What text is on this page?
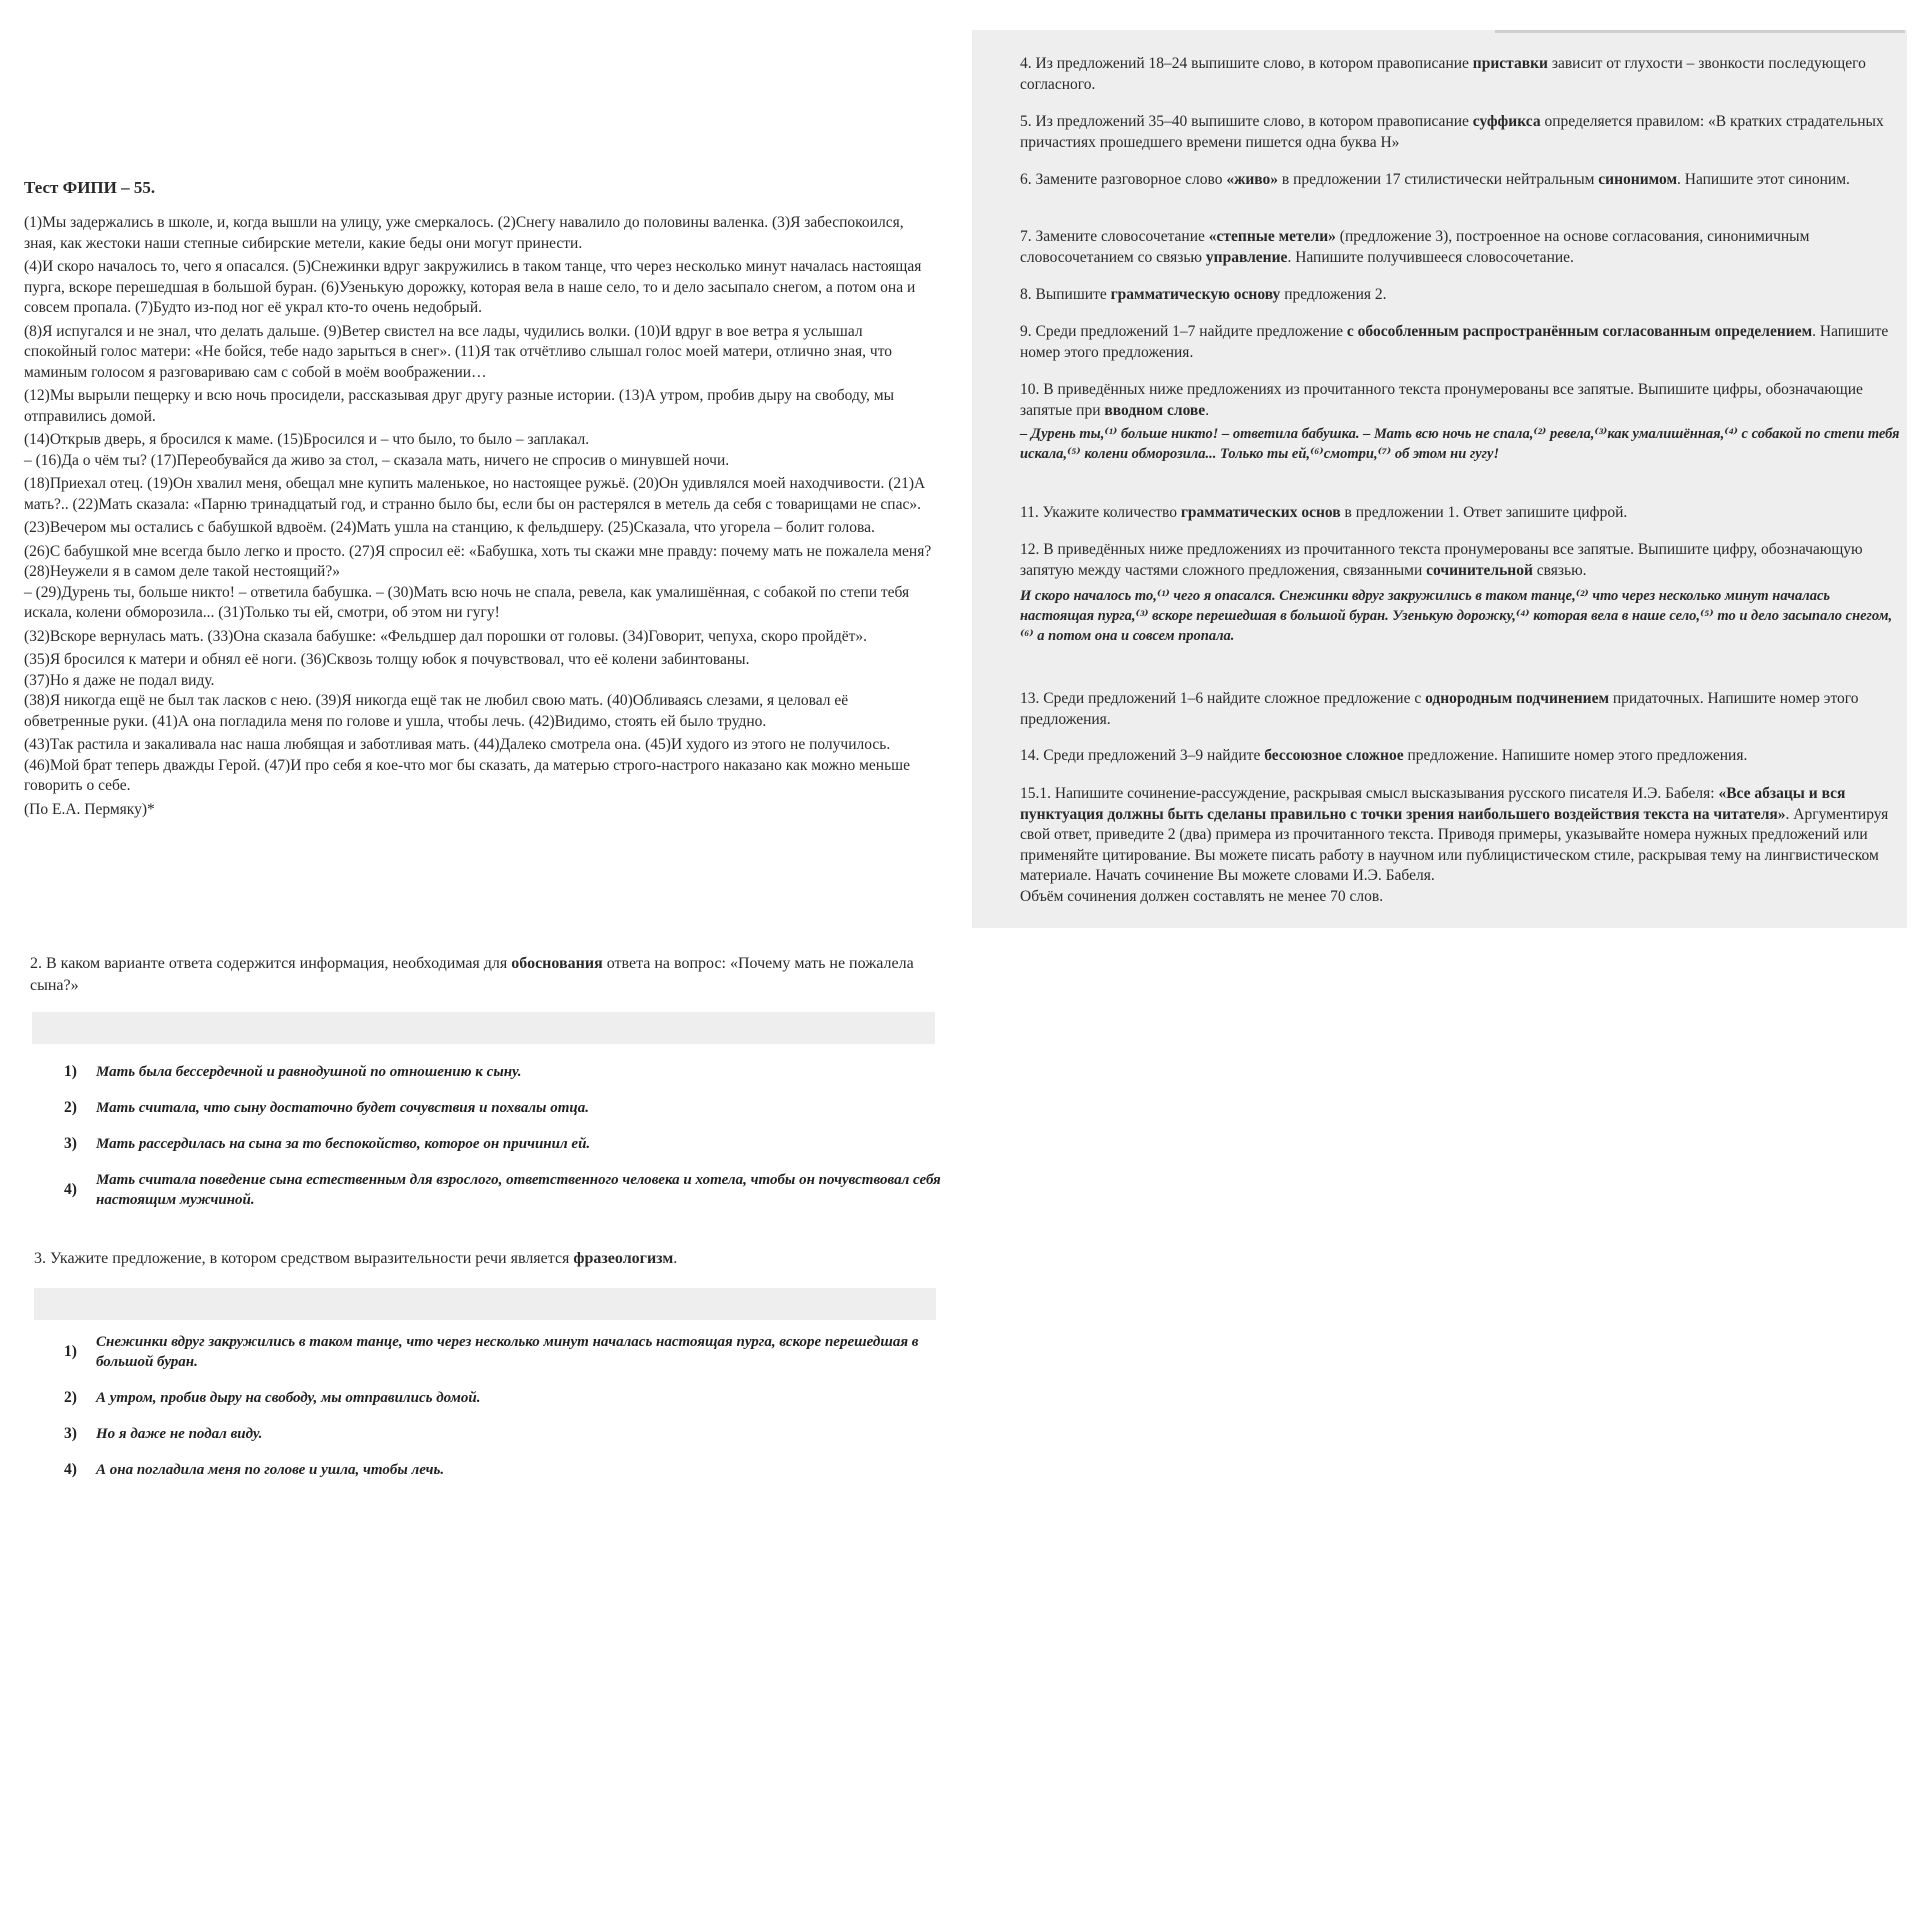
Тест ФИПИ – 55.

(1)Мы задержались в школе, и, когда вышли на улицу, уже смеркалось. (2)Снегу навалило до половины валенка. (3)Я забеспокоился, зная, как жестоки наши степные сибирские метели, какие беды они могут принести.

(4)И скоро началось то, чего я опасался. (5)Снежинки вдруг закружились в таком танце, что через несколько минут началась настоящая пурга, вскоре перешедшая в большой буран. (6)Узенькую дорожку, которая вела в наше село, то и дело засыпало снегом, а потом она и совсем пропала. (7)Будто из-под ног её украл кто-то очень недобрый.

(8)Я испугался и не знал, что делать дальше. (9)Ветер свистел на все лады, чудились волки. (10)И вдруг в вое ветра я услышал спокойный голос матери: «Не бойся, тебе надо зарыться в снег». (11)Я так отчётливо слышал голос моей матери, отлично зная, что маминым голосом я разговариваю сам с собой в моём воображении…

(12)Мы вырыли пещерку и всю ночь просидели, рассказывая друг другу разные истории. (13)А утром, пробив дыру на свободу, мы отправились домой.

(14)Открыв дверь, я бросился к маме. (15)Бросился и – что было, то было – заплакал.
– (16)Да о чём ты? (17)Переобувайся да живо за стол, – сказала мать, ничего не спросив о минувшей ночи.

(18)Приехал отец. (19)Он хвалил меня, обещал мне купить маленькое, но настоящее ружьё. (20)Он удивлялся моей находчивости. (21)А мать?.. (22)Мать сказала: «Парню тринадцатый год, и странно было бы, если бы он растерялся в метель да себя с товарищами не спас».

(23)Вечером мы остались с бабушкой вдвоём. (24)Мать ушла на станцию, к фельдшеру. (25)Сказала, что угорела – болит голова.

(26)С бабушкой мне всегда было легко и просто. (27)Я спросил её: «Бабушка, хоть ты скажи мне правду: почему мать не пожалела меня? (28)Неужели я в самом деле такой нестоящий?»
– (29)Дурень ты, больше никто! – ответила бабушка. – (30)Мать всю ночь не спала, ревела, как умалишённая, с собакой по степи тебя искала, колени обморозила... (31)Только ты ей, смотри, об этом ни гугу!

(32)Вскоре вернулась мать. (33)Она сказала бабушке: «Фельдшер дал порошки от головы. (34)Говорит, чепуха, скоро пройдёт».

(35)Я бросился к матери и обнял её ноги. (36)Сквозь толщу юбок я почувствовал, что её колени забинтованы.
(37)Но я даже не подал виду.
(38)Я никогда ещё не был так ласков с нею. (39)Я никогда ещё так не любил свою мать. (40)Обливаясь слезами, я целовал её обветренные руки. (41)А она погладила меня по голове и ушла, чтобы лечь. (42)Видимо, стоять ей было трудно.

(43)Так растила и закаливала нас наша любящая и заботливая мать. (44)Далеко смотрела она. (45)И худого из этого не получилось. (46)Мой брат теперь дважды Герой. (47)И про себя я кое-что мог бы сказать, да матерью строго-настрого наказано как можно меньше говорить о себе.

(По Е.А. Пермяку)*

2. В каком варианте ответа содержится информация, необходимая для обоснования ответа на вопрос: «Почему мать не пожалела сына?»
1)	Мать была бессердечной и равнодушной по отношению к сыну.
2)	Мать считала, что сыну достаточно будет сочувствия и похвалы отца.
3)	Мать рассердилась на сына за то беспокойство, которое он причинил ей.
4)
Мать считала поведение сына естественным для взрослого, ответственного человека и хотела, чтобы он почувствовал себя настоящим мужчиной.
3. Укажите предложение, в котором средством выразительности речи является фразеологизм.
1)
Снежинки вдруг закружились в таком танце, что через несколько минут началась настоящая пурга, вскоре перешедшая в большой буран.
2)	А утром, пробив дыру на свободу, мы отправились домой.
3)	Но я даже не подал виду.
4)	А она погладила меня по голове и ушла, чтобы лечь.
4. Из предложений 18–24 выпишите слово, в котором правописание приставки зависит от глухости – звонкости последующего согласного.
5. Из предложений 35–40 выпишите слово, в котором правописание суффикса определяется правилом: «В кратких страдательных причастиях прошедшего времени пишется одна буква Н»
6. Замените разговорное слово «живо» в предложении 17 стилистически нейтральным синонимом. Напишите этот синоним.
7. Замените словосочетание «степные метели» (предложение 3), построенное на основе согласования, синонимичным словосочетанием со связью управление. Напишите получившееся словосочетание.
8. Выпишите грамматическую основу предложения 2.
9. Среди предложений 1–7 найдите предложение с обособленным распространённым согласованным определением. Напишите номер этого предложения.
10. В приведённых ниже предложениях из прочитанного текста пронумерованы все запятые. Выпишите цифры, обозначающие запятые при вводном слове.
– Дурень ты,⁽¹⁾ больше никто! – ответила бабушка. – Мать всю ночь не спала,⁽²⁾ ревела,⁽³⁾как умалишённая,⁽⁴⁾ с собакой по степи тебя искала,⁽⁵⁾ колени обморозила... Только ты ей,⁽⁶⁾смотри,⁽⁷⁾ об этом ни гугу!
11. Укажите количество грамматических основ в предложении 1. Ответ запишите цифрой.
12. В приведённых ниже предложениях из прочитанного текста пронумерованы все запятые. Выпишите цифру, обозначающую запятую между частями сложного предложения, связанными сочинительной связью.
И скоро началось то,⁽¹⁾ чего я опасался. Снежинки вдруг закружились в таком танце,⁽²⁾ что через несколько минут началась настоящая пурга,⁽³⁾ вскоре перешедшая в большой буран. Узенькую дорожку,⁽⁴⁾ которая вела в наше село,⁽⁵⁾ то и дело засыпало снегом,⁽⁶⁾ а потом она и совсем пропала.
13. Среди предложений 1–6 найдите сложное предложение с однородным подчинением придаточных. Напишите номер этого предложения.
14. Среди предложений 3–9 найдите бессоюзное сложное предложение. Напишите номер этого предложения.
15.1. Напишите сочинение-рассуждение, раскрывая смысл высказывания русского писателя И.Э. Бабеля: «Все абзацы и вся пунктуация должны быть сделаны правильно с точки зрения наибольшего воздействия текста на читателя». Аргументируя свой ответ, приведите 2 (два) примера из прочитанного текста. Приводя примеры, указывайте номера нужных предложений или применяйте цитирование. Вы можете писать работу в научном или публицистическом стиле, раскрывая тему на лингвистическом материале. Начать сочинение Вы можете словами И.Э. Бабеля.
Объём сочинения должен составлять не менее 70 слов.
